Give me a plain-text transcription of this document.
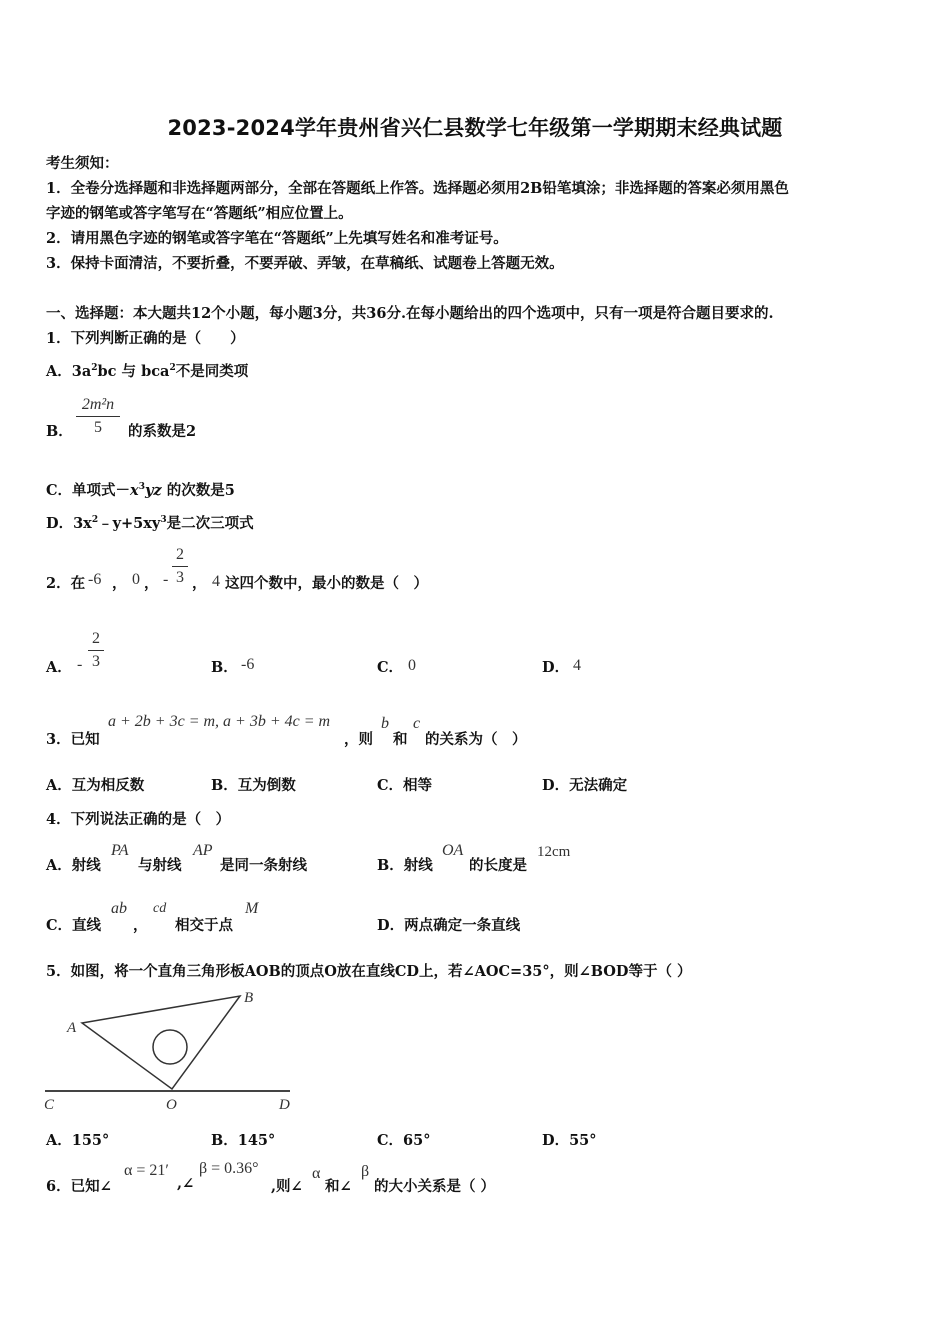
2023-2024学年贵州省兴仁县数学七年级第一学期期末经典试题
考生须知：
1．全卷分选择题和非选择题两部分，全部在答题纸上作答。选择题必须用2B铅笔填涂；非选择题的答案必须用黑色
字迹的钢笔或答字笔写在“答题纸”相应位置上。
2．请用黑色字迹的钢笔或答字笔在“答题纸”上先填写姓名和准考证号。
3．保持卡面清洁，不要折叠，不要弄破、弄皱，在草稿纸、试题卷上答题无效。
一、选择题：本大题共12个小题，每小题3分，共36分.在每小题给出的四个选项中，只有一项是符合题目要求的.
1．下列判断正确的是（　　）
A．$3a^2bc$ 与 bca$^2$不是同类项
B．
2m²n
5	的系数是2
C．单项式$-x^3yz$ 的次数是5
D．$3x^2﹣y+5xy^3$是二次三项式
2．在 -6 ， 0 ， -
2
3 ， 4 这四个数中，最小的数是（　）
A． -
2
3	B． -6	C． 0	D． 4
3．已知
a + 2b + 3c = m, a + 3b + 4c = m
，则
b
和
c
的关系为（　）
A．互为相反数	B．互为倒数	C．相等	D．无法确定
4．下列说法正确的是（　）
A．射线
PA
与射线
AP
是同一条射线	B．射线
OA
的长度是
12cm
C．直线
ab
，
cd
相交于点
M
D．两点确定一条直线
5．如图，将一个直角三角形板AOB的顶点O放在直线CD上，若∠AOC=35°，则∠BOD等于（ ）
A
B
C	O	D
A．155°	B．145°	C．65°	D．55°
6．已知∠
α = 21′
,∠
β = 0.36°
,则∠
α
和∠
β
的大小关系是（ ）
